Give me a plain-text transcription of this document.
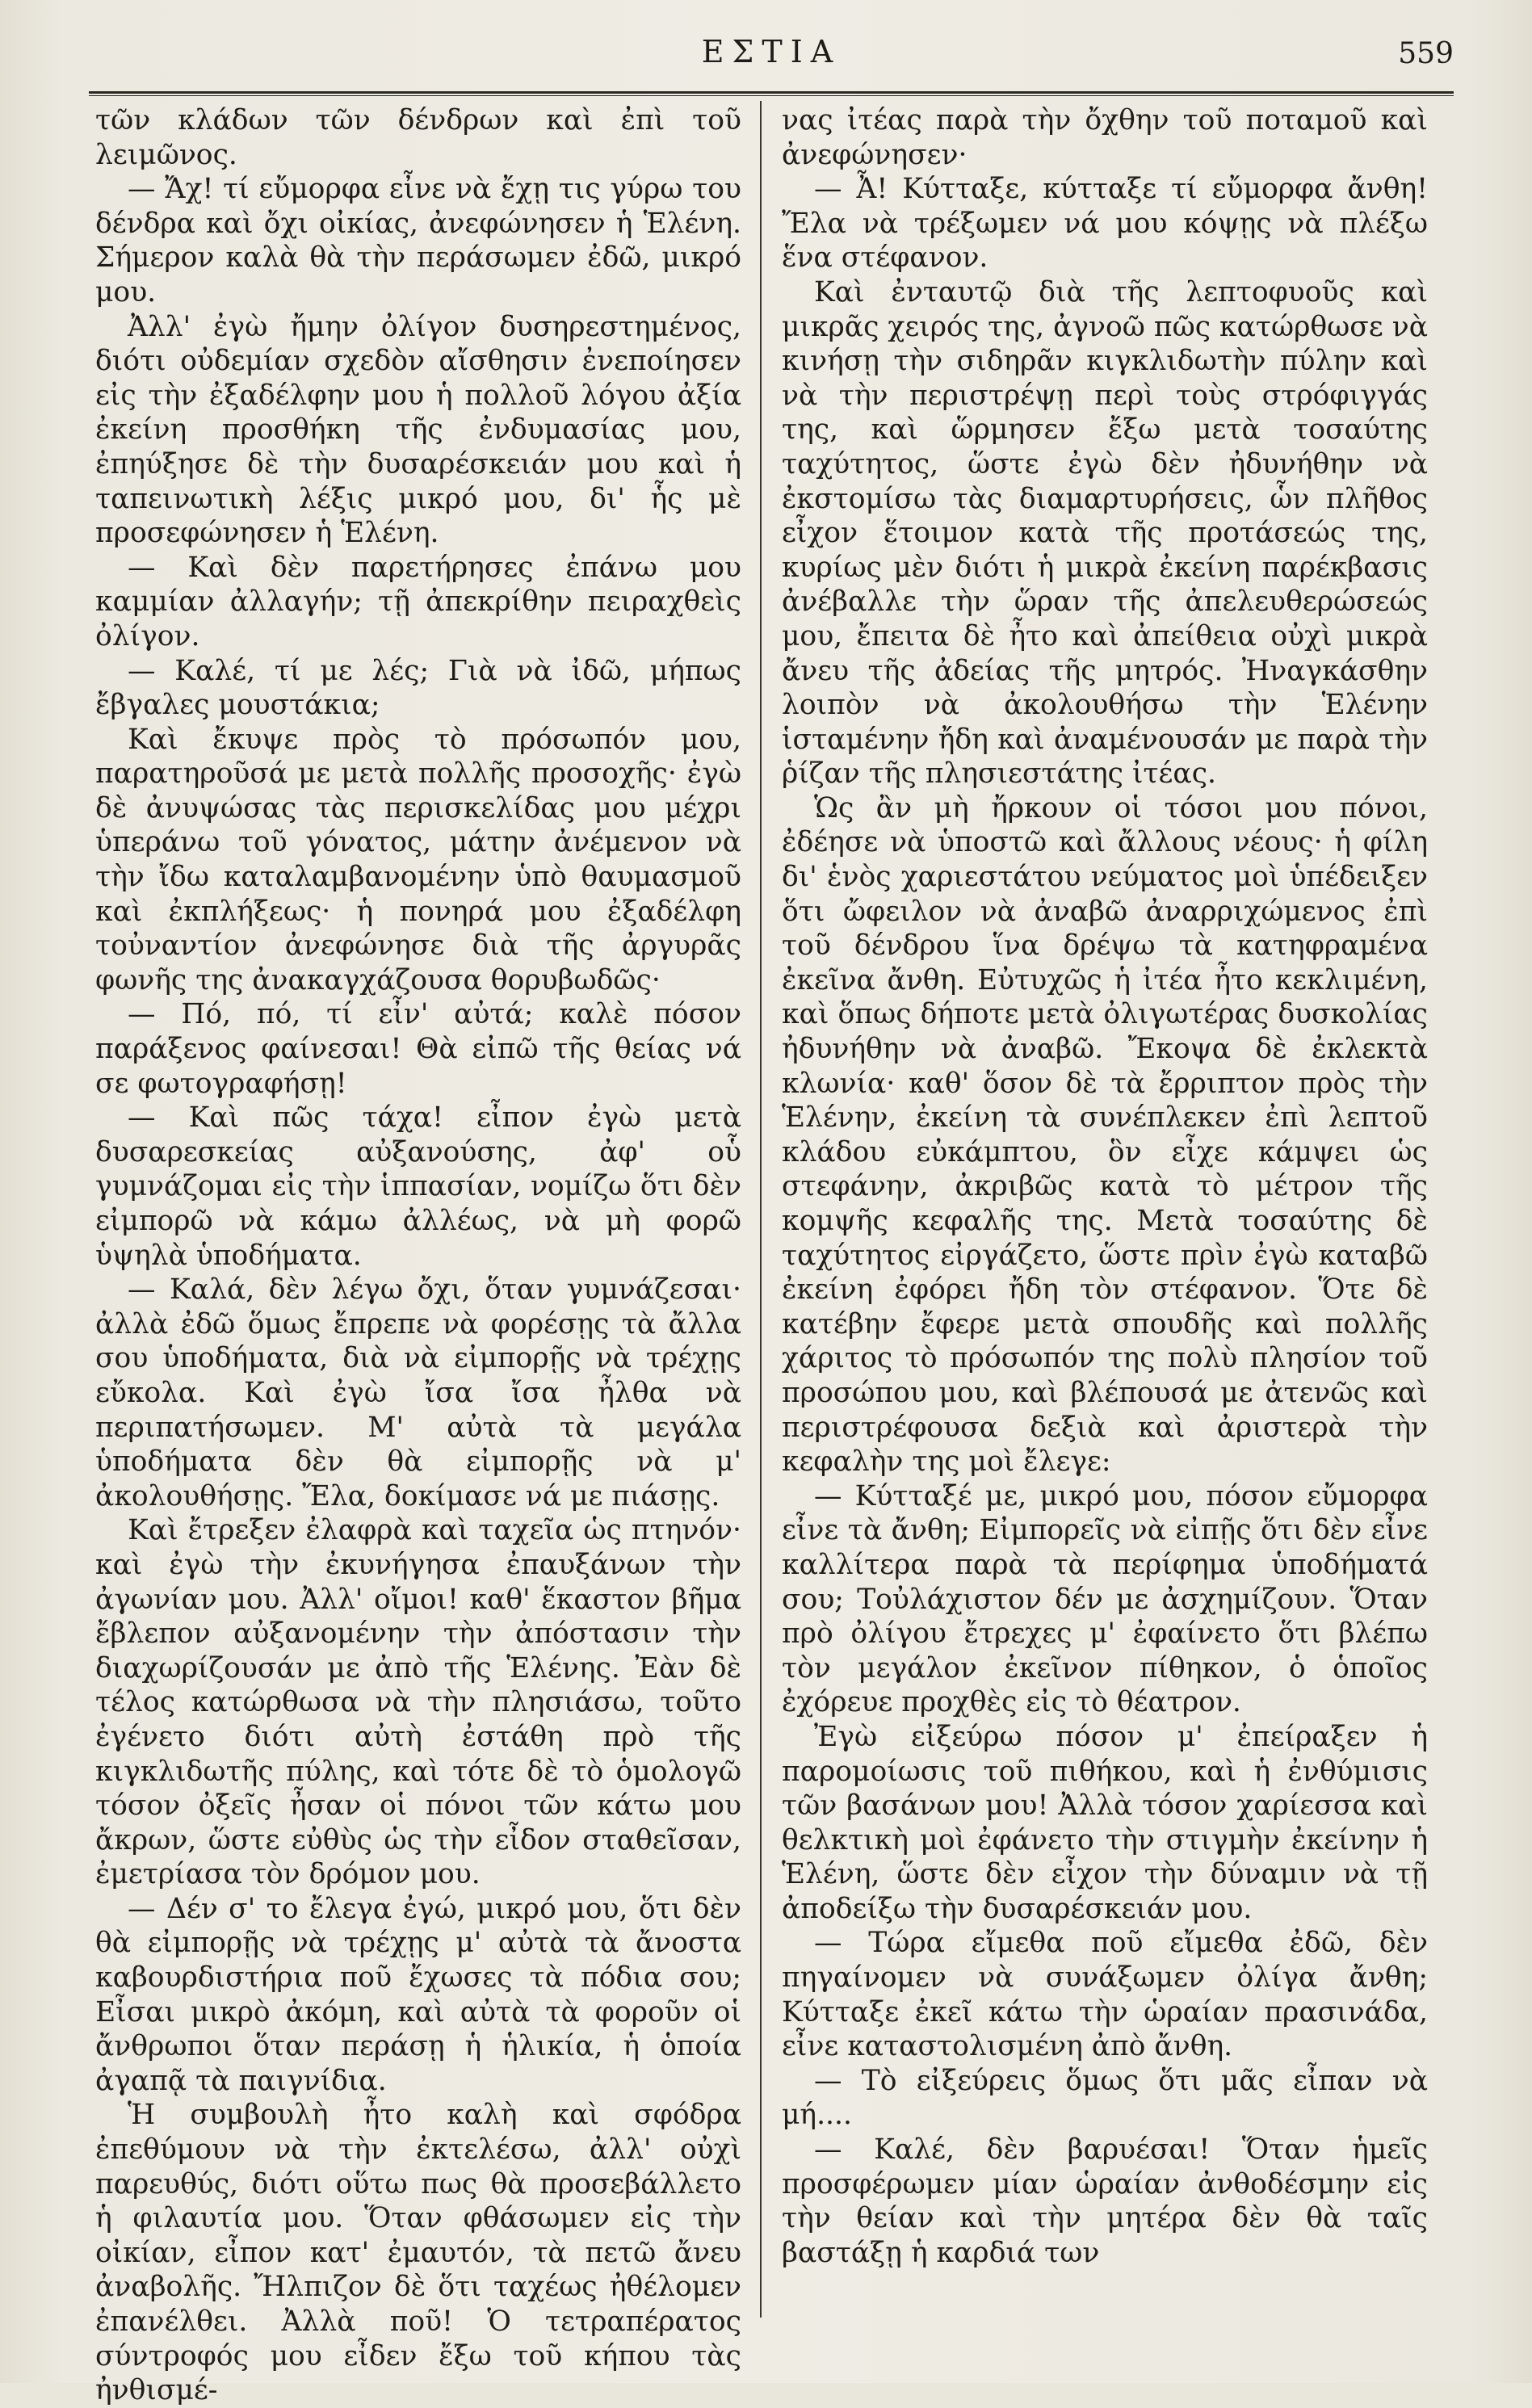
ΕΣΤΙΑ	559

τῶν κλάδων τῶν δένδρων καὶ ἐπὶ τοῦ λειμῶνος.

— Ἄχ! τί εὔμορφα εἶνε νὰ ἔχῃ τις γύρω του δένδρα καὶ ὄχι οἰκίας, ἀνεφώνησεν ἡ Ἑλένη. Σήμερον καλὰ θὰ τὴν περάσωμεν ἐδῶ, μικρό μου.

Ἀλλ' ἐγὼ ἤμην ὀλίγον δυσηρεστημένος, διότι οὐδεμίαν σχεδὸν αἴσθησιν ἐνεποίησεν εἰς τὴν ἐξαδέλφην μου ἡ πολλοῦ λόγου ἀξία ἐκείνη προσθήκη τῆς ἐνδυμασίας μου, ἐπηύξησε δὲ τὴν δυσαρέσκειάν μου καὶ ἡ ταπεινωτικὴ λέξις μικρό μου, δι' ἧς μὲ προσεφώνησεν ἡ Ἑλένη.

— Καὶ δὲν παρετήρησες ἐπάνω μου καμμίαν ἀλλαγήν; τῇ ἀπεκρίθην πειραχθεὶς ὀλίγον.

— Καλέ, τί με λές; Γιὰ νὰ ἰδῶ, μήπως ἔβγαλες μουστάκια;

Καὶ ἔκυψε πρὸς τὸ πρόσωπόν μου, παρατηροῦσά με μετὰ πολλῆς προσοχῆς· ἐγὼ δὲ ἀνυψώσας τὰς περισκελίδας μου μέχρι ὑπεράνω τοῦ γόνατος, μάτην ἀνέμενον νὰ τὴν ἴδω καταλαμβανομένην ὑπὸ θαυμασμοῦ καὶ ἐκπλήξεως· ἡ πονηρά μου ἐξαδέλφη τοὐναντίον ἀνεφώνησε διὰ τῆς ἀργυρᾶς φωνῆς της ἀνακαγχάζουσα θορυβωδῶς·

— Πό, πό, τί εἶν' αὐτά; καλὲ πόσον παράξενος φαίνεσαι! Θὰ εἰπῶ τῆς θείας νά σε φωτογραφήσῃ!

— Καὶ πῶς τάχα! εἶπον ἐγὼ μετὰ δυσαρεσκείας αὐξανούσης, ἀφ' οὗ γυμνάζομαι εἰς τὴν ἱππασίαν, νομίζω ὅτι δὲν εἰμπορῶ νὰ κάμω ἀλλέως, νὰ μὴ φορῶ ὑψηλὰ ὑποδήματα.

— Καλά, δὲν λέγω ὄχι, ὅταν γυμνάζεσαι· ἀλλὰ ἐδῶ ὅμως ἔπρεπε νὰ φορέσῃς τὰ ἄλλα σου ὑποδήματα, διὰ νὰ εἰμπορῇς νὰ τρέχῃς εὔκολα. Καὶ ἐγὼ ἴσα ἴσα ἦλθα νὰ περιπατήσωμεν. Μ' αὐτὰ τὰ μεγάλα ὑποδήματα δὲν θὰ εἰμπορῇς νὰ μ' ἀκολουθήσῃς. Ἔλα, δοκίμασε νά με πιάσῃς.

Καὶ ἔτρεξεν ἐλαφρὰ καὶ ταχεῖα ὡς πτηνόν· καὶ ἐγὼ τὴν ἐκυνήγησα ἐπαυξάνων τὴν ἀγωνίαν μου. Ἀλλ' οἴμοι! καθ' ἕκαστον βῆμα ἔβλεπον αὐξανομένην τὴν ἀπόστασιν τὴν διαχωρίζουσάν με ἀπὸ τῆς Ἑλένης. Ἐὰν δὲ τέλος κατώρθωσα νὰ τὴν πλησιάσω, τοῦτο ἐγένετο διότι αὐτὴ ἐστάθη πρὸ τῆς κιγκλιδωτῆς πύλης, καὶ τότε δὲ τὸ ὁμολογῶ τόσον ὀξεῖς ἦσαν οἱ πόνοι τῶν κάτω μου ἄκρων, ὥστε εὐθὺς ὡς τὴν εἶδον σταθεῖσαν, ἐμετρίασα τὸν δρόμον μου.

— Δέν σ' το ἔλεγα ἐγώ, μικρό μου, ὅτι δὲν θὰ εἰμπορῇς νὰ τρέχῃς μ' αὐτὰ τὰ ἄνοστα καβουρδιστήρια ποῦ ἔχωσες τὰ πόδια σου; Εἶσαι μικρὸ ἀκόμη, καὶ αὐτὰ τὰ φοροῦν οἱ ἄνθρωποι ὅταν περάσῃ ἡ ἡλικία, ἡ ὁποία ἀγαπᾷ τὰ παιγνίδια.

Ἡ συμβουλὴ ἦτο καλὴ καὶ σφόδρα ἐπεθύμουν νὰ τὴν ἐκτελέσω, ἀλλ' οὐχὶ παρευθύς, διότι οὕτω πως θὰ προσεβάλλετο ἡ φιλαυτία μου. Ὅταν φθάσωμεν εἰς τὴν οἰκίαν, εἶπον κατ' ἐμαυτόν, τὰ πετῶ ἄνευ ἀναβολῆς. Ἤλπιζον δὲ ὅτι ταχέως ἠθέλομεν ἐπανέλθει. Ἀλλὰ ποῦ! Ὁ τετραπέρατος σύντροφός μου εἶδεν ἔξω τοῦ κήπου τὰς ἠνθισμέ-

νας ἰτέας παρὰ τὴν ὄχθην τοῦ ποταμοῦ καὶ ἀνεφώνησεν·

— Ἆ! Κύτταξε, κύτταξε τί εὔμορφα ἄνθη! Ἔλα νὰ τρέξωμεν νά μου κόψῃς νὰ πλέξω ἕνα στέφανον.

Καὶ ἐνταυτῷ διὰ τῆς λεπτοφυοῦς καὶ μικρᾶς χειρός της, ἀγνοῶ πῶς κατώρθωσε νὰ κινήσῃ τὴν σιδηρᾶν κιγκλιδωτὴν πύλην καὶ νὰ τὴν περιστρέψῃ περὶ τοὺς στρόφιγγάς της, καὶ ὥρμησεν ἔξω μετὰ τοσαύτης ταχύτητος, ὥστε ἐγὼ δὲν ἠδυνήθην νὰ ἐκστομίσω τὰς διαμαρτυρήσεις, ὧν πλῆθος εἶχον ἕτοιμον κατὰ τῆς προτάσεώς της, κυρίως μὲν διότι ἡ μικρὰ ἐκείνη παρέκβασις ἀνέβαλλε τὴν ὥραν τῆς ἀπελευθερώσεώς μου, ἔπειτα δὲ ἦτο καὶ ἀπείθεια οὐχὶ μικρὰ ἄνευ τῆς ἀδείας τῆς μητρός. Ἠναγκάσθην λοιπὸν νὰ ἀκολουθήσω τὴν Ἑλένην ἱσταμένην ἤδη καὶ ἀναμένουσάν με παρὰ τὴν ῥίζαν τῆς πλησιεστάτης ἰτέας.

Ὡς ἂν μὴ ἤρκουν οἱ τόσοι μου πόνοι, ἐδέησε νὰ ὑποστῶ καὶ ἄλλους νέους· ἡ φίλη δι' ἑνὸς χαριεστάτου νεύματος μοὶ ὑπέδειξεν ὅτι ὤφειλον νὰ ἀναβῶ ἀναρριχώμενος ἐπὶ τοῦ δένδρου ἵνα δρέψω τὰ κατηφραμένα ἐκεῖνα ἄνθη. Εὐτυχῶς ἡ ἰτέα ἦτο κεκλιμένη, καὶ ὅπως δήποτε μετὰ ὀλιγωτέρας δυσκολίας ἠδυνήθην νὰ ἀναβῶ. Ἔκοψα δὲ ἐκλεκτὰ κλωνία· καθ' ὅσον δὲ τὰ ἔρριπτον πρὸς τὴν Ἑλένην, ἐκείνη τὰ συνέπλεκεν ἐπὶ λεπτοῦ κλάδου εὐκάμπτου, ὃν εἶχε κάμψει ὡς στεφάνην, ἀκριβῶς κατὰ τὸ μέτρον τῆς κομψῆς κεφαλῆς της. Μετὰ τοσαύτης δὲ ταχύτητος εἰργάζετο, ὥστε πρὶν ἐγὼ καταβῶ ἐκείνη ἐφόρει ἤδη τὸν στέφανον. Ὅτε δὲ κατέβην ἔφερε μετὰ σπουδῆς καὶ πολλῆς χάριτος τὸ πρόσωπόν της πολὺ πλησίον τοῦ προσώπου μου, καὶ βλέπουσά με ἀτενῶς καὶ περιστρέφουσα δεξιὰ καὶ ἀριστερὰ τὴν κεφαλὴν της μοὶ ἔλεγε:

— Κύτταξέ με, μικρό μου, πόσον εὔμορφα εἶνε τὰ ἄνθη; Εἰμπορεῖς νὰ εἰπῇς ὅτι δὲν εἶνε καλλίτερα παρὰ τὰ περίφημα ὑποδήματά σου; Τοὐλάχιστον δέν με ἀσχημίζουν. Ὅταν πρὸ ὀλίγου ἔτρεχες μ' ἐφαίνετο ὅτι βλέπω τὸν μεγάλον ἐκεῖνον πίθηκον, ὁ ὁποῖος ἐχόρευε προχθὲς εἰς τὸ θέατρον.

Ἐγὼ εἰξεύρω πόσον μ' ἐπείραξεν ἡ παρομοίωσις τοῦ πιθήκου, καὶ ἡ ἐνθύμισις τῶν βασάνων μου! Ἀλλὰ τόσον χαρίεσσα καὶ θελκτικὴ μοὶ ἐφάνετο τὴν στιγμὴν ἐκείνην ἡ Ἑλένη, ὥστε δὲν εἶχον τὴν δύναμιν νὰ τῇ ἀποδείξω τὴν δυσαρέσκειάν μου.

— Τώρα εἴμεθα ποῦ εἴμεθα ἐδῶ, δὲν πηγαίνομεν νὰ συνάξωμεν ὀλίγα ἄνθη; Κύτταξε ἐκεῖ κάτω τὴν ὡραίαν πρασινάδα, εἶνε καταστολισμένη ἀπὸ ἄνθη.

— Τὸ εἰξεύρεις ὅμως ὅτι μᾶς εἶπαν νὰ μή....

— Καλέ, δὲν βαρυέσαι! Ὅταν ἡμεῖς προσφέρωμεν μίαν ὡραίαν ἀνθοδέσμην εἰς τὴν θείαν καὶ τὴν μητέρα δὲν θὰ ταῖς βαστάξῃ ἡ καρδιά των
